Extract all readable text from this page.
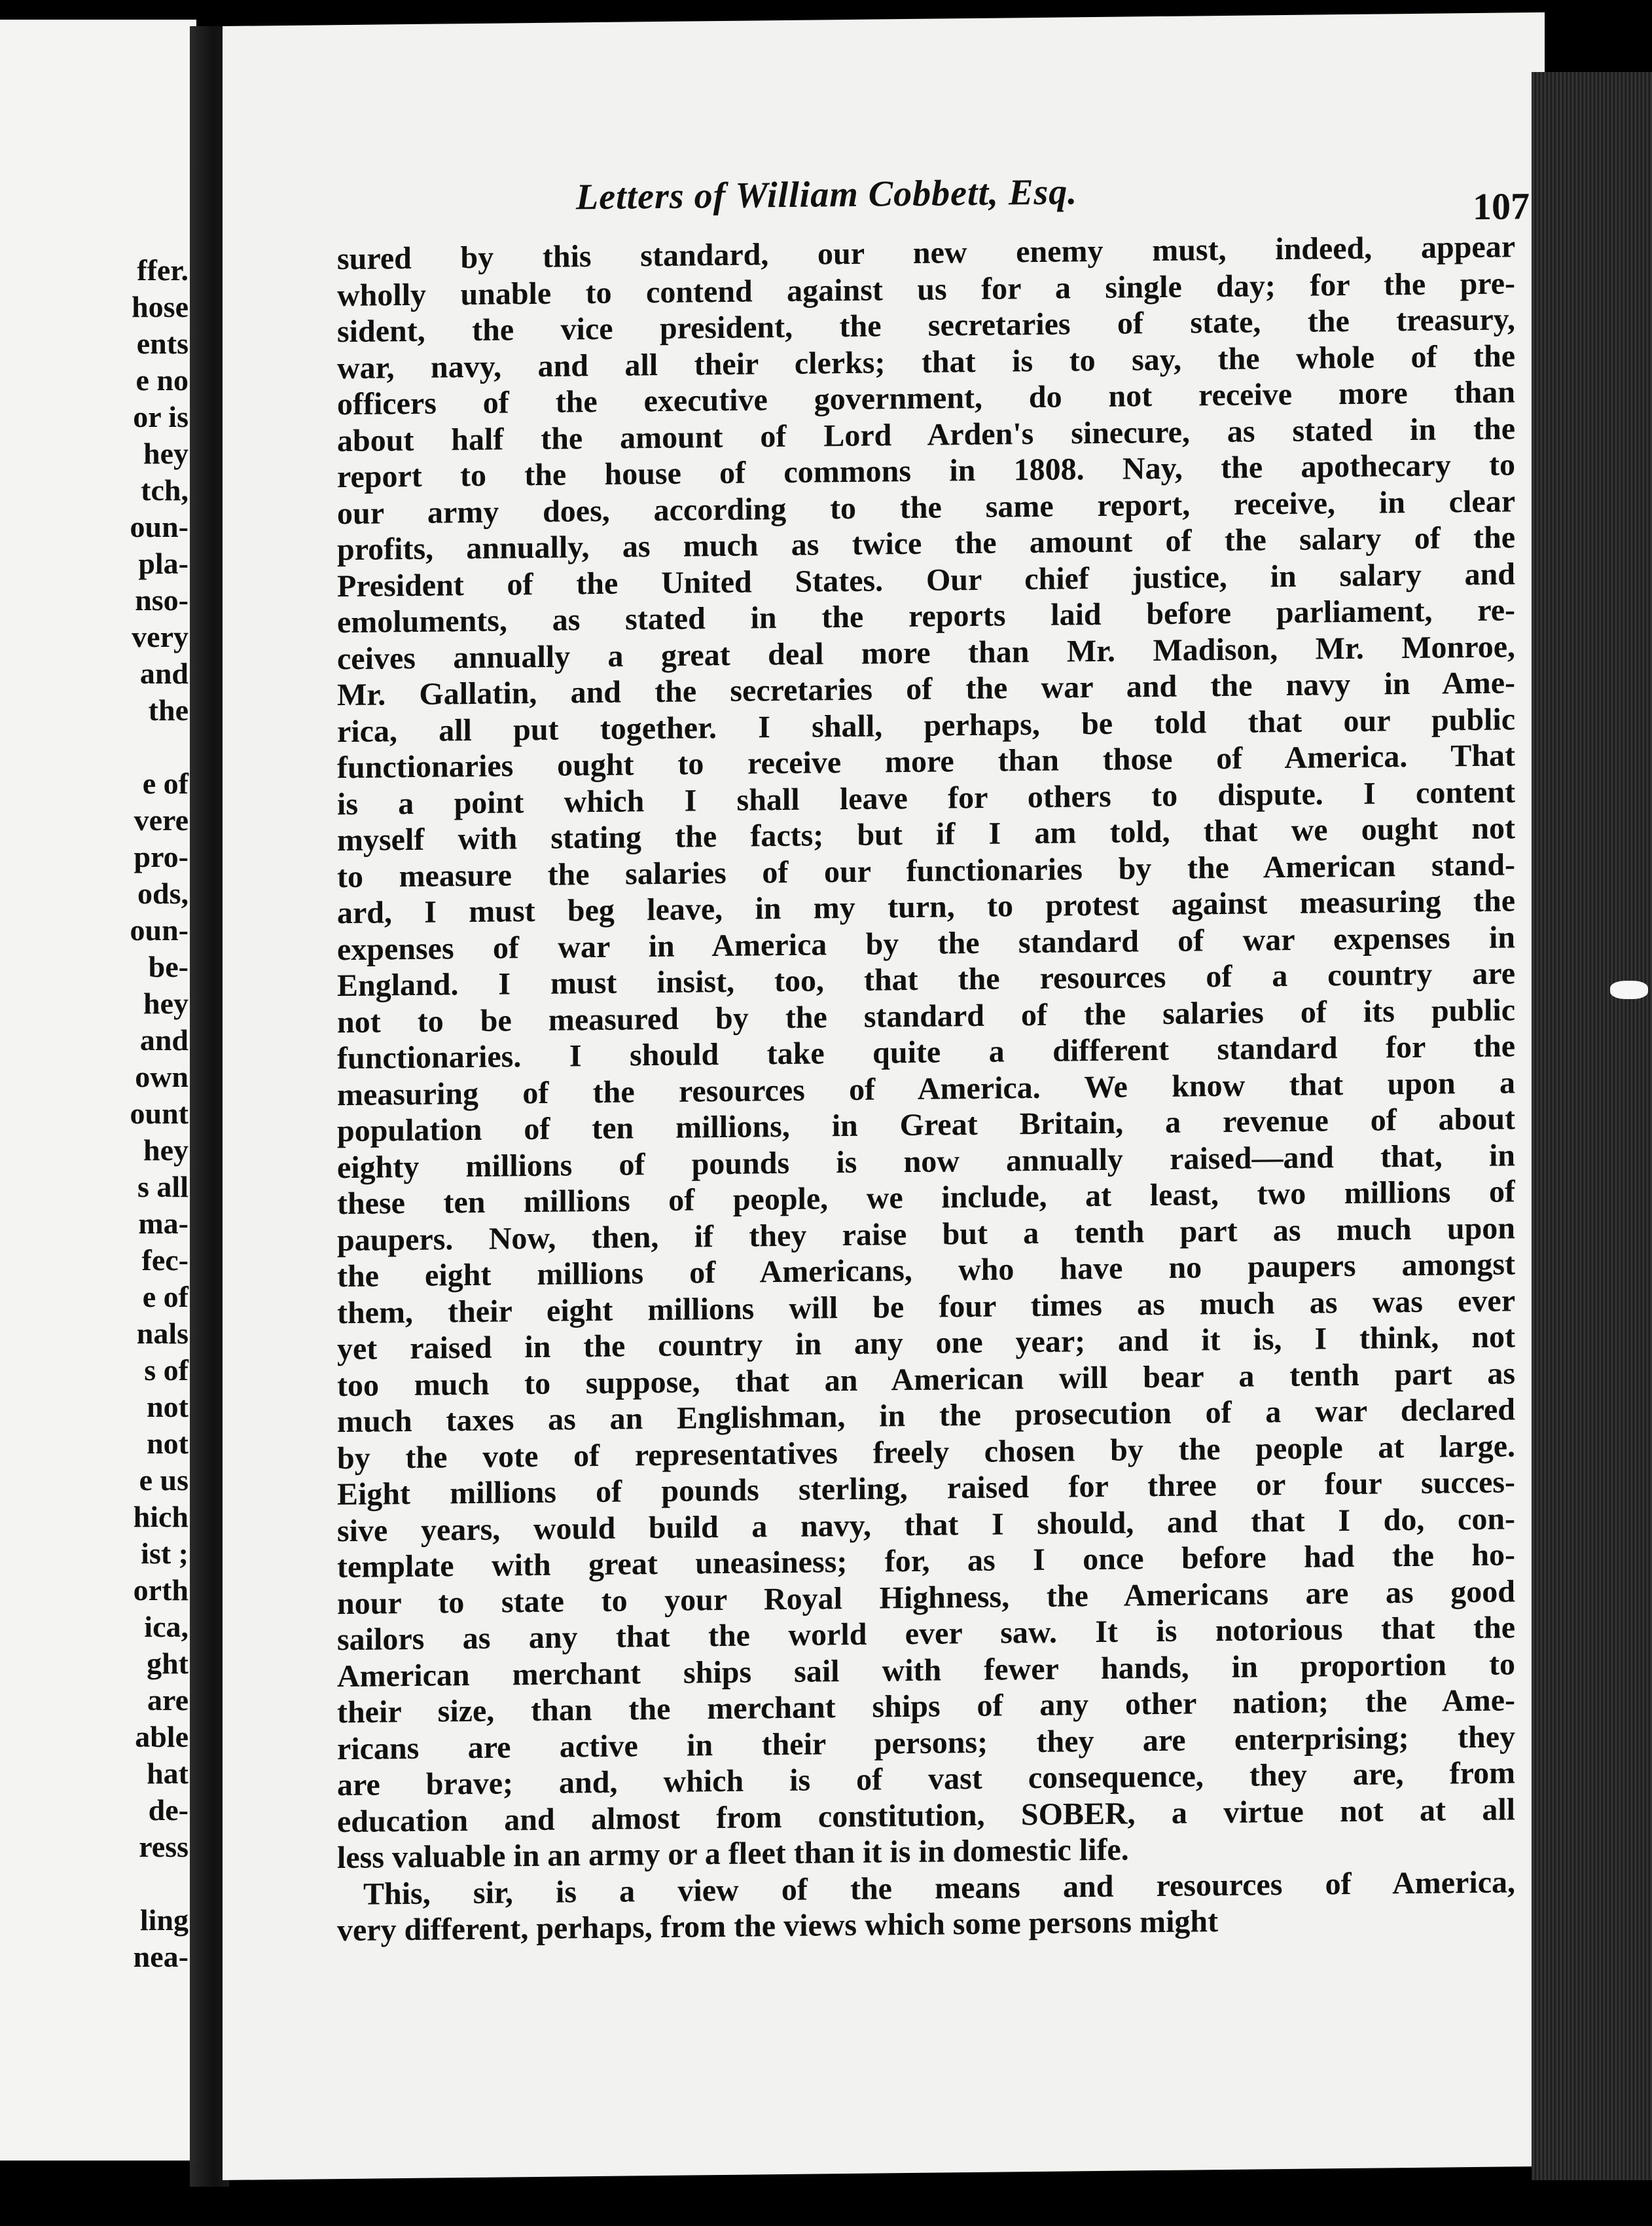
ffer.
hose
ents
e no
or is
hey
tch,
oun-
pla-
nso-
very
and
the
e of
vere
pro-
ods,
oun-
be-
hey
and
own
ount
hey
s all
ma-
fec-
e of
nals
s of
not
not
e us
hich
ist ;
orth
ica,
ght
are
able
hat
de-
ress
ling
nea-
Letters of William Cobbett, Esq.	107
sured by this standard, our new enemy must, indeed, appear
wholly unable to contend against us for a single day; for the pre-
sident, the vice president, the secretaries of state, the treasury,
war, navy, and all their clerks; that is to say, the whole of the
officers of the executive government, do not receive more than
about half the amount of Lord Arden's sinecure, as stated in the
report to the house of commons in 1808. Nay, the apothecary to
our army does, according to the same report, receive, in clear
profits, annually, as much as twice the amount of the salary of the
President of the United States. Our chief justice, in salary and
emoluments, as stated in the reports laid before parliament, re-
ceives annually a great deal more than Mr. Madison, Mr. Monroe,
Mr. Gallatin, and the secretaries of the war and the navy in Ame-
rica, all put together. I shall, perhaps, be told that our public
functionaries ought to receive more than those of America. That
is a point which I shall leave for others to dispute. I content
myself with stating the facts; but if I am told, that we ought not
to measure the salaries of our functionaries by the American stand-
ard, I must beg leave, in my turn, to protest against measuring the
expenses of war in America by the standard of war expenses in
England. I must insist, too, that the resources of a country are
not to be measured by the standard of the salaries of its public
functionaries. I should take quite a different standard for the
measuring of the resources of America. We know that upon a
population of ten millions, in Great Britain, a revenue of about
eighty millions of pounds is now annually raised—and that, in
these ten millions of people, we include, at least, two millions of
paupers. Now, then, if they raise but a tenth part as much upon
the eight millions of Americans, who have no paupers amongst
them, their eight millions will be four times as much as was ever
yet raised in the country in any one year; and it is, I think, not
too much to suppose, that an American will bear a tenth part as
much taxes as an Englishman, in the prosecution of a war declared
by the vote of representatives freely chosen by the people at large.
Eight millions of pounds sterling, raised for three or four succes-
sive years, would build a navy, that I should, and that I do, con-
template with great uneasiness; for, as I once before had the ho-
nour to state to your Royal Highness, the Americans are as good
sailors as any that the world ever saw. It is notorious that the
American merchant ships sail with fewer hands, in proportion to
their size, than the merchant ships of any other nation; the Ame-
ricans are active in their persons; they are enterprising; they
are brave; and, which is of vast consequence, they are, from
education and almost from constitution, SOBER, a virtue not at all
less valuable in an army or a fleet than it is in domestic life.
This, sir, is a view of the means and resources of America,
very different, perhaps, from the views which some persons might
